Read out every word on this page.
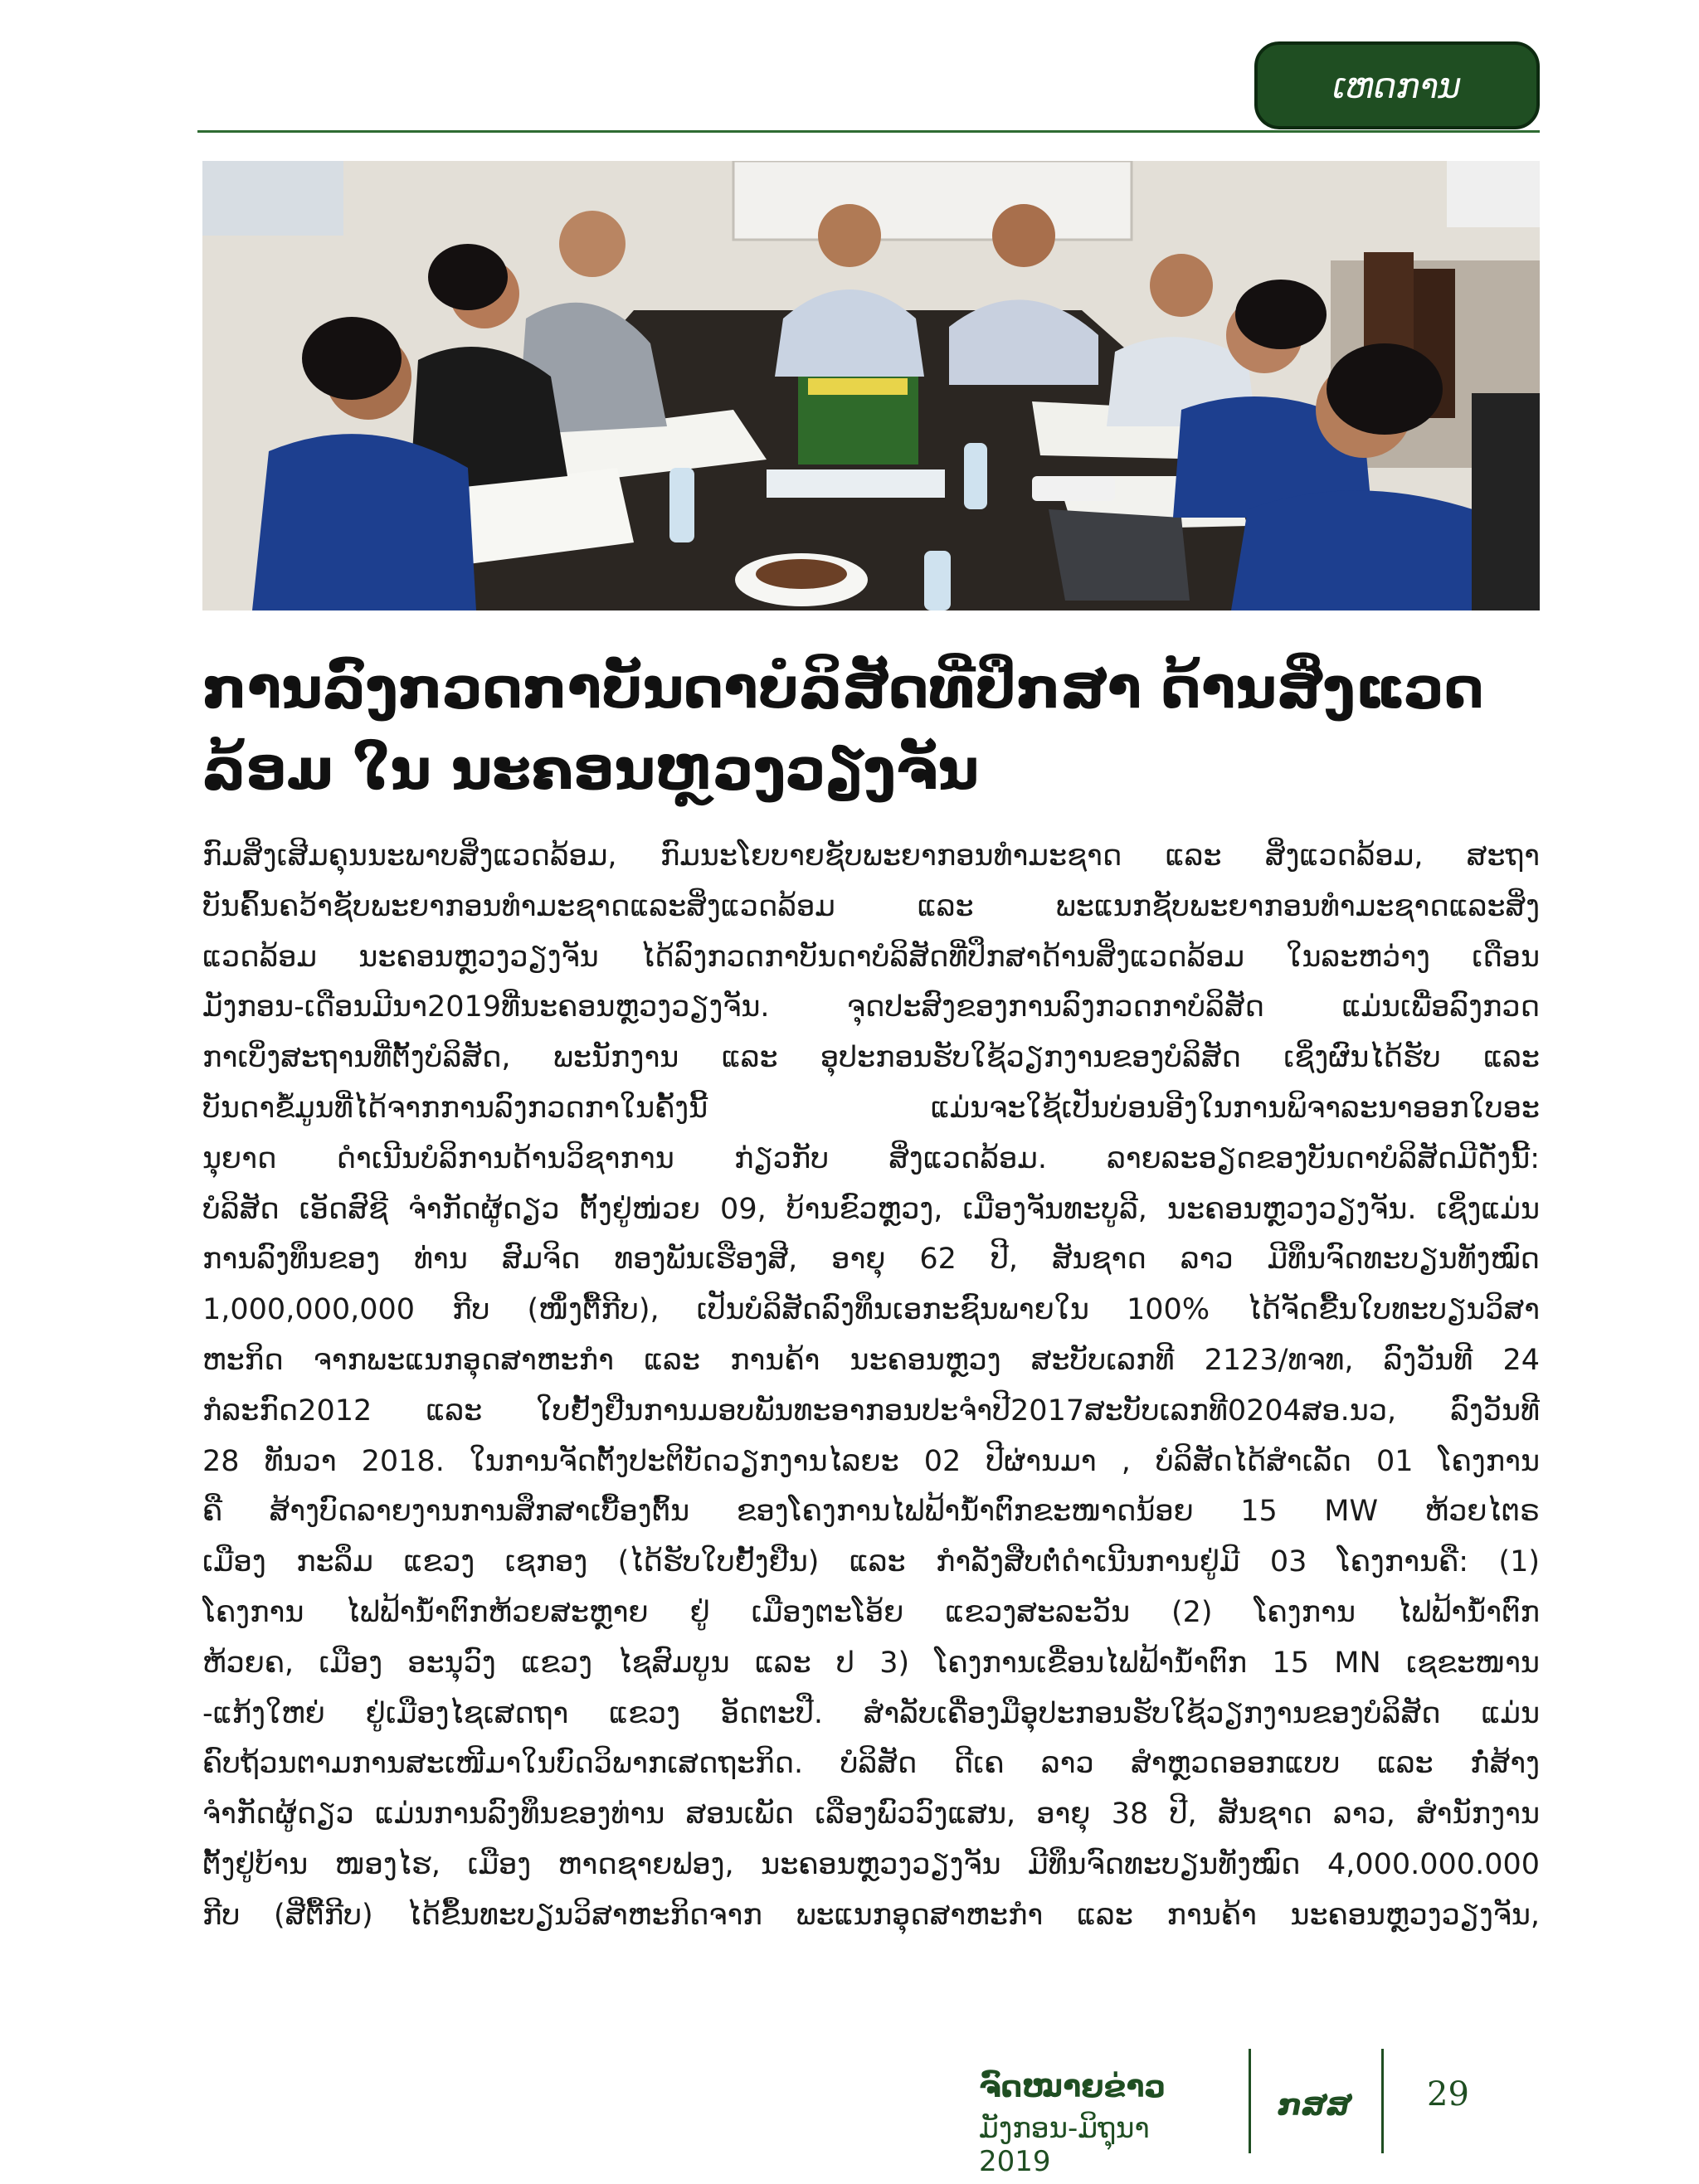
ເຫດການ
ການລົງກວດກາບັນດາບໍລິສັດທີ່ປຶກສາ ດ້ານສິ່ງແວດ
ລ້ອມ ໃນ ນະຄອນຫຼວງວຽງຈັນ
ກົມສິ່ງເສີມຄຸນນະພາບສິ່ງແວດລ້ອມ, ກົມນະໂຍບາຍຊັບພະຍາກອນທຳມະຊາດ ແລະ ສິ່ງແວດລ້ອມ, ສະຖາ
ບັນຄົ້ນຄວ້າຊັບພະຍາກອນທຳມະຊາດແລະສິ່ງແວດລ້ອມ ແລະ ພະແນກຊັບພະຍາກອນທຳມະຊາດແລະສິ່ງ
ແວດລ້ອມ ນະຄອນຫຼວງວຽງຈັນ ໄດ້ລົງກວດກາບັນດາບໍລິສັດທີ່ປຶກສາດ້ານສິ່ງແວດລ້ອມ ໃນລະຫວ່າງ ເດືອນ
ມັງກອນ-ເດືອນມີນາ2019ທີ່ນະຄອນຫຼວງວຽງຈັນ. ຈຸດປະສົງຂອງການລົງກວດກາບໍລິສັດ ແມ່ນເພື່ອລົງກວດ
ກາເບິ່ງສະຖານທີ່ຕັ້ງບໍລິສັດ, ພະນັກງານ ແລະ ອຸປະກອນຮັບໃຊ້ວຽກງານຂອງບໍລິສັດ ເຊິ່ງຜົນໄດ້ຮັບ ແລະ
ບັນດາຂໍ້ມູນທີ່ໄດ້ຈາກການລົງກວດກາໃນຄັ້ງນີ້ ແມ່ນຈະໃຊ້ເປັນບ່ອນອີງໃນການພິຈາລະນາອອກໃບອະ
ນຸຍາດ ດຳເນີນບໍລິການດ້ານວິຊາການ ກ່ຽວກັບ ສິ່ງແວດລ້ອມ. ລາຍລະອຽດຂອງບັນດາບໍລິສັດມີດັ່ງນີ້:
ບໍລິສັດ ເອັດສົຊີ ຈຳກັດຜູ້ດຽວ ຕັ້ງຢູ່ໜ່ວຍ 09, ບ້ານຂົວຫຼວງ, ເມືອງຈັນທະບູລີ, ນະຄອນຫຼວງວຽງຈັນ. ເຊິ່ງແມ່ນ
ການລົງທຶນຂອງ ທ່ານ ສົມຈິດ ທອງພັນເຮືອງສີ, ອາຍຸ 62 ປີ, ສັນຊາດ ລາວ ມີທຶນຈົດທະບຽນທັງໝົດ
1,000,000,000 ກີບ (ໜຶ່ງຕື້ກີບ), ເປັນບໍລິສັດລົງທຶນເອກະຊົນພາຍໃນ 100% ໄດ້ຈັດຂື້ນໃບທະບຽນວິສາ
ຫະກິດ ຈາກພະແນກອຸດສາຫະກຳ ແລະ ການຄ້າ ນະຄອນຫຼວງ ສະບັບເລກທີ 2123/ທຈທ, ລົງວັນທີ 24
ກໍລະກົດ2012 ແລະ ໃບຢັ້ງຢືນການມອບພັນທະອາກອນປະຈຳປີ2017ສະບັບເລກທີ0204ສອ.ນວ, ລົງວັນທີ
28 ທັນວາ 2018. ໃນການຈັດຕັ້ງປະຕິບັດວຽກງານໄລຍະ 02 ປີຜ່ານມາ , ບໍລິສັດໄດ້ສຳເລັດ 01 ໂຄງການ
ຄື ສ້າງບົດລາຍງານການສຶກສາເບື້ອງຕົ້ນ ຂອງໂຄງການໄຟຟ້ານ້ຳຕົກຂະໜາດນ້ອຍ 15 MW ຫ້ວຍໄຕຣ
ເມືອງ ກະລຶມ ແຂວງ ເຊກອງ (ໄດ້ຮັບໃບຢັ້ງຢືນ) ແລະ ກຳລັງສືບຕໍ່ດຳເນີນການຢູ່ມີ 03 ໂຄງການຄື: (1)
ໂຄງການ ໄຟຟ້ານ້ຳຕົກຫ້ວຍສະຫຼາຍ ຢູ່ ເມືອງຕະໂອ້ຍ ແຂວງສະລະວັນ (2) ໂຄງການ ໄຟຟ້ານ້ຳຕົກ
ຫ້ວຍຄ, ເມືອງ ອະນຸວົງ ແຂວງ ໄຊສົມບູນ ແລະ ປ 3) ໂຄງການເຂື່ອນໄຟຟ້ານ້ຳຕົກ 15 MN ເຊຂະໜານ
-ແກ້ງໃຫຍ່ ຢູ່ເມືອງໄຊເສດຖາ ແຂວງ ອັດຕະປື. ສຳລັບເຄື່ອງມືອຸປະກອນຮັບໃຊ້ວຽກງານຂອງບໍລິສັດ ແມ່ນ
ຄົບຖ້ວນຕາມການສະເໜີມາໃນບົດວິພາກເສດຖະກິດ. ບໍລິສັດ ດີເຄ ລາວ ສຳຫຼວດອອກແບບ ແລະ ກໍ່ສ້າງ
ຈຳກັດຜູ້ດຽວ ແມ່ນການລົງທຶນຂອງທ່ານ ສອນເພັດ ເລືອງພົວວົງແສນ, ອາຍຸ 38 ປີ, ສັນຊາດ ລາວ, ສຳນັກງານ
ຕັ້ງຢູ່ບ້ານ ໜອງໄຮ, ເມືອງ ຫາດຊາຍຟອງ, ນະຄອນຫຼວງວຽງຈັນ ມີທຶນຈົດທະບຽນທັງໝົດ 4,000.000.000
ກີບ (ສີ່ຕື້ກີບ) ໄດ້ຂຶ້ນທະບຽນວິສາຫະກິດຈາກ ພະແນກອຸດສາຫະກຳ ແລະ ການຄ້າ ນະຄອນຫຼວງວຽງຈັນ,
ຈົດໝາຍຂ່າວ
ມັງກອນ-ມິຖຸນາ 2019
ກສສ	29
